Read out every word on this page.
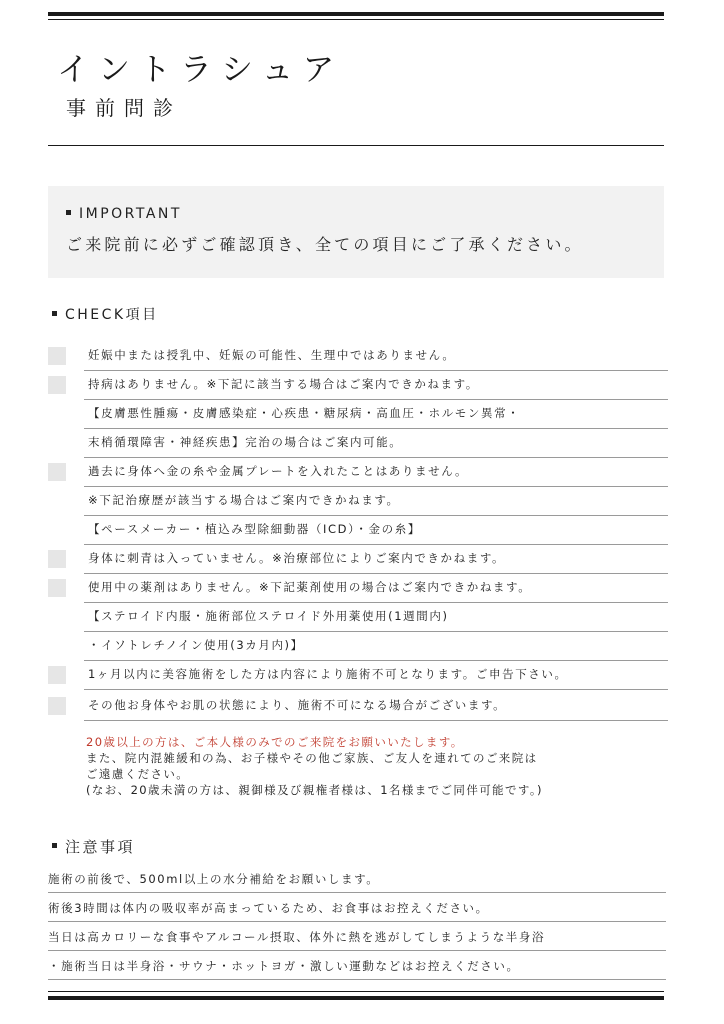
イントラシュア
事前問診
IMPORTANT
ご来院前に必ずご確認頂き、全ての項目にご了承ください。
CHECK項目
妊娠中または授乳中、妊娠の可能性、生理中ではありません。
持病はありません。※下記に該当する場合はご案内できかねます。
【皮膚悪性腫瘍・皮膚感染症・心疾患・糖尿病・高血圧・ホルモン異常・
末梢循環障害・神経疾患】完治の場合はご案内可能。
過去に身体へ金の糸や金属プレートを入れたことはありません。
※下記治療歴が該当する場合はご案内できかねます。
【ペースメーカー・植込み型除細動器（ICD）・金の糸】
身体に刺青は入っていません。※治療部位によりご案内できかねます。
使用中の薬剤はありません。※下記薬剤使用の場合はご案内できかねます。
【ステロイド内服・施術部位ステロイド外用薬使用(1週間内)
・イソトレチノイン使用(3カ月内)】
1ヶ月以内に美容施術をした方は内容により施術不可となります。ご申告下さい。
その他お身体やお肌の状態により、施術不可になる場合がございます。
20歳以上の方は、ご本人様のみでのご来院をお願いいたします。
また、院内混雑緩和の為、お子様やその他ご家族、ご友人を連れてのご来院は
ご遠慮ください。
(なお、20歳未満の方は、親御様及び親権者様は、1名様までご同伴可能です。)
注意事項
施術の前後で、500ml以上の水分補給をお願いします。
術後3時間は体内の吸収率が高まっているため、お食事はお控えください。
当日は高カロリーな食事やアルコール摂取、体外に熱を逃がしてしまうような半身浴
・施術当日は半身浴・サウナ・ホットヨガ・激しい運動などはお控えください。
